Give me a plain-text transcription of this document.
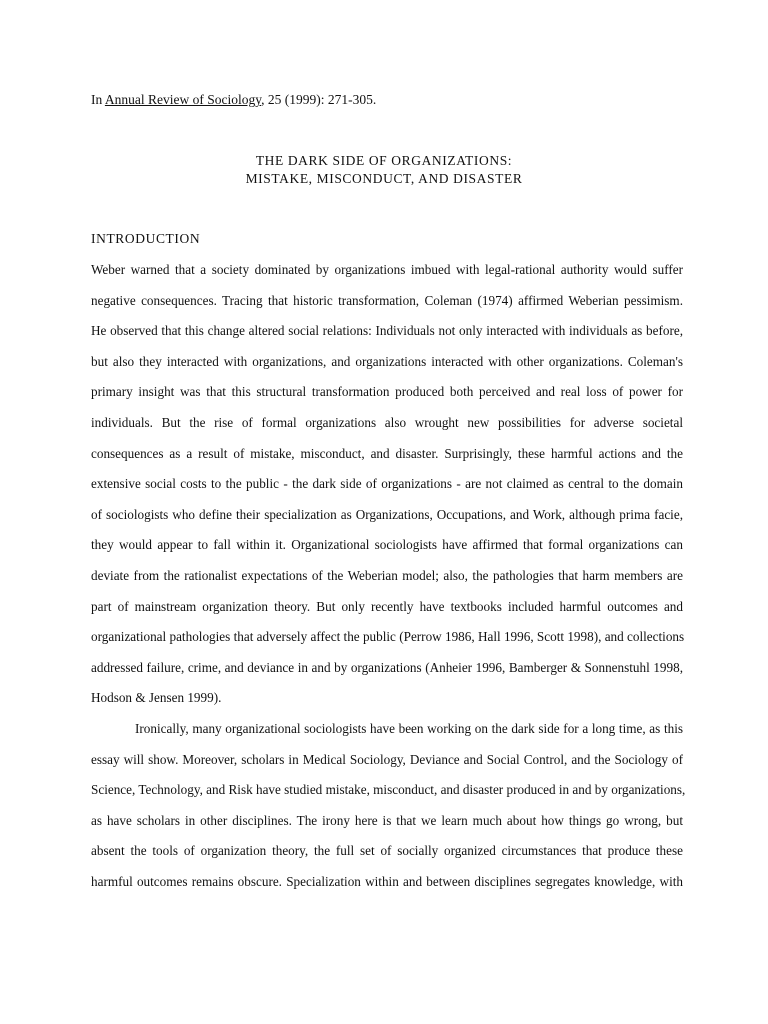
In Annual Review of Sociology, 25 (1999): 271-305.
THE DARK SIDE OF ORGANIZATIONS:
MISTAKE, MISCONDUCT, AND DISASTER
INTRODUCTION
Weber warned that a society dominated by organizations imbued with legal-rational authority would suffer
negative consequences. Tracing that historic transformation, Coleman (1974) affirmed Weberian pessimism.
He observed that this change altered social relations: Individuals not only interacted with individuals as before,
but also they interacted with organizations, and organizations interacted with other organizations. Coleman's
primary insight was that this structural transformation produced both perceived and real loss of power for
individuals. But the rise of formal organizations also wrought new possibilities for adverse societal
consequences as a result of mistake, misconduct, and disaster. Surprisingly, these harmful actions and the
extensive social costs to the public - the dark side of organizations - are not claimed as central to the domain
of sociologists who define their specialization as Organizations, Occupations, and Work, although prima facie,
they would appear to fall within it. Organizational sociologists have affirmed that formal organizations can
deviate from the rationalist expectations of the Weberian model; also, the pathologies that harm members are
part of mainstream organization theory. But only recently have textbooks included harmful outcomes and
organizational pathologies that adversely affect the public (Perrow 1986, Hall 1996, Scott 1998), and collections
addressed failure, crime, and deviance in and by organizations (Anheier 1996, Bamberger & Sonnenstuhl 1998,
Hodson & Jensen 1999).
Ironically, many organizational sociologists have been working on the dark side for a long time, as this
essay will show. Moreover, scholars in Medical Sociology, Deviance and Social Control, and the Sociology of
Science, Technology, and Risk have studied mistake, misconduct, and disaster produced in and by organizations,
as have scholars in other disciplines. The irony here is that we learn much about how things go wrong, but
absent the tools of organization theory, the full set of socially organized circumstances that produce these
harmful outcomes remains obscure. Specialization within and between disciplines segregates knowledge, with
